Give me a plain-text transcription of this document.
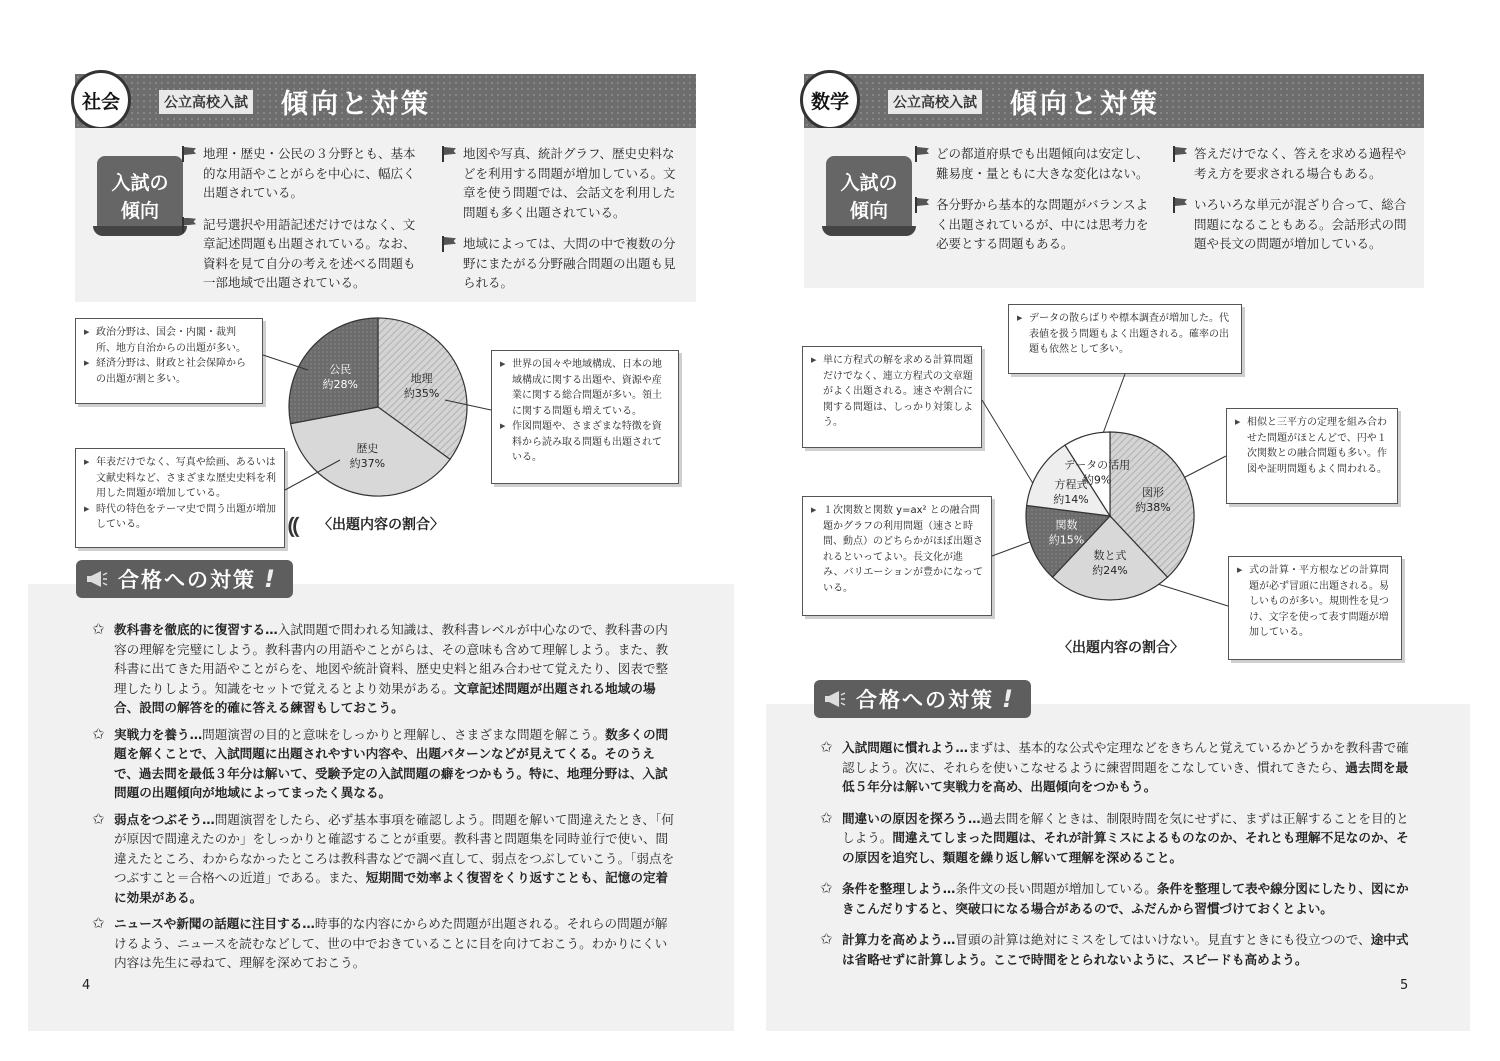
社会	公立高校入試 傾向と対策
入試の
傾向
地理・歴史・公民の３分野とも、基本的な用語やことがらを中心に、幅広く出題されている。
記号選択や用語記述だけではなく、文章記述問題も出題されている。なお、資料を見て自分の考えを述べる問題も一部地域で出題されている。
地図や写真、統計グラフ、歴史史料などを利用する問題が増加している。文章を使う問題では、会話文を利用した問題も多く出題されている。
地域によっては、大問の中で複数の分野にまたがる分野融合問題の出題も見られる。
▶ 政治分野は、国会・内閣・裁判所、地方自治からの出題が多い。
▶ 経済分野は、財政と社会保障からの出題が割と多い。
▶ 年表だけでなく、写真や絵画、あるいは文献史料など、さまざまな歴史史料を利用した問題が増加している。
▶ 時代の特色をテーマ史で問う出題が増加している。
▶ 世界の国々や地域構成、日本の地域構成に関する出題や、資源や産業に関する総合問題が多い。領土に関する問題も増えている。
▶ 作図問題や、さまざまな特徴を資料から読み取る問題も出題されている。
地理
約35%
歴史
約37%
公民
約28%
⸨ 〈出題内容の割合〉
合格への対策 !
✩ 教科書を徹底的に復習する…入試問題で問われる知識は、教科書レベルが中心なので、教科書の内容の理解を完璧にしよう。教科書内の用語やことがらは、その意味も含めて理解しよう。また、教科書に出てきた用語やことがらを、地図や統計資料、歴史史料と組み合わせて覚えたり、図表で整理したりしよう。知識をセットで覚えるとより効果がある。文章記述問題が出題される地域の場合、設問の解答を的確に答える練習もしておこう。
✩ 実戦力を養う…問題演習の目的と意味をしっかりと理解し、さまざまな問題を解こう。数多くの問題を解くことで、入試問題に出題されやすい内容や、出題パターンなどが見えてくる。そのうえで、過去問を最低３年分は解いて、受験予定の入試問題の癖をつかもう。特に、地理分野は、入試問題の出題傾向が地域によってまったく異なる。
✩ 弱点をつぶそう…問題演習をしたら、必ず基本事項を確認しよう。問題を解いて間違えたとき、「何が原因で間違えたのか」をしっかりと確認することが重要。教科書と問題集を同時並行で使い、間違えたところ、わからなかったところは教科書などで調べ直して、弱点をつぶしていこう。「弱点をつぶすこと＝合格への近道」である。また、短期間で効率よく復習をくり返すことも、記憶の定着に効果がある。
✩ ニュースや新聞の話題に注目する…時事的な内容にからめた問題が出題される。それらの問題が解けるよう、ニュースを読むなどして、世の中でおきていることに目を向けておこう。わかりにくい内容は先生に尋ねて、理解を深めておこう。
4
数学	公立高校入試 傾向と対策
入試の
傾向
どの都道府県でも出題傾向は安定し、難易度・量ともに大きな変化はない。
各分野から基本的な問題がバランスよく出題されているが、中には思考力を必要とする問題もある。
答えだけでなく、答えを求める過程や考え方を要求される場合もある。
いろいろな単元が混ざり合って、総合問題になることもある。会話形式の問題や長文の問題が増加している。
▶ 単に方程式の解を求める計算問題だけでなく、連立方程式の文章題がよく出題される。速さや割合に関する問題は、しっかり対策しよう。
▶ データの散らばりや標本調査が増加した。代表値を扱う問題もよく出題される。確率の出題も依然として多い。
▶ １次関数と関数 y=ax² との融合問題かグラフの利用問題（速さと時間、動点）のどちらかがほぼ出題されるといってよい。長文化が進み、バリエーションが豊かになっている。
▶ 相似と三平方の定理を組み合わせた問題がほとんどで、円や１次関数との融合問題も多い。作図や証明問題もよく問われる。
▶ 式の計算・平方根などの計算問題が必ず冒頭に出題される。易しいものが多い。規則性を見つけ、文字を使って表す問題が増加している。
図形
約38%
数と式
約24%
関数
約15%
方程式
約14%
データの活用
約9%
〈出題内容の割合〉
合格への対策 !
✩ 入試問題に慣れよう…まずは、基本的な公式や定理などをきちんと覚えているかどうかを教科書で確認しよう。次に、それらを使いこなせるように練習問題をこなしていき、慣れてきたら、過去問を最低５年分は解いて実戦力を高め、出題傾向をつかもう。
✩ 間違いの原因を探ろう…過去問を解くときは、制限時間を気にせずに、まずは正解することを目的としよう。間違えてしまった問題は、それが計算ミスによるものなのか、それとも理解不足なのか、その原因を追究し、類題を繰り返し解いて理解を深めること。
✩ 条件を整理しよう…条件文の長い問題が増加している。条件を整理して表や線分図にしたり、図にかきこんだりすると、突破口になる場合があるので、ふだんから習慣づけておくとよい。
✩ 計算力を高めよう…冒頭の計算は絶対にミスをしてはいけない。見直すときにも役立つので、途中式は省略せずに計算しよう。ここで時間をとられないように、スピードも高めよう。
5
